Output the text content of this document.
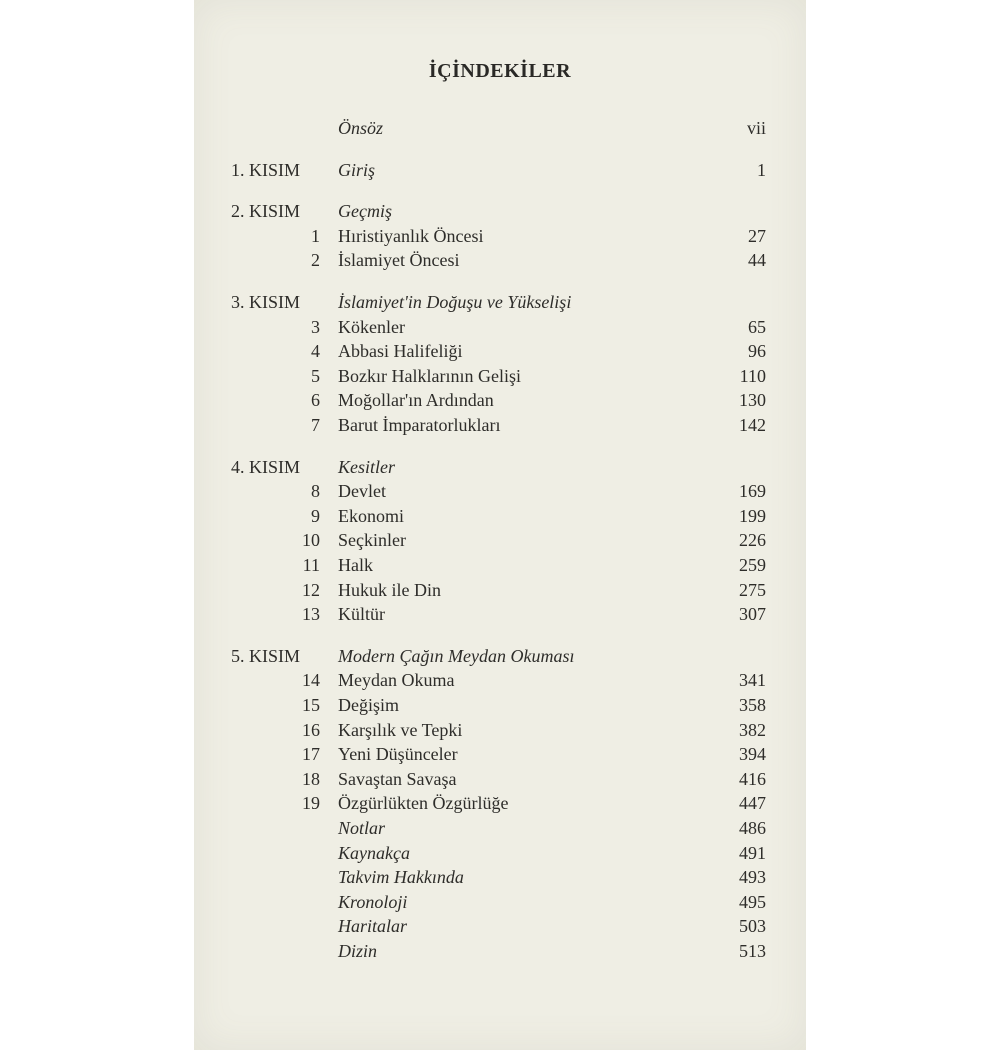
İÇİNDEKİLER
Önsöz	vii
1. KISIM	Giriş	1
2. KISIM	Geçmiş
1 Hıristiyanlık Öncesi	27
2 İslamiyet Öncesi	44
3. KISIM	İslamiyet'in Doğuşu ve Yükselişi
3 Kökenler	65
4 Abbasi Halifeliği	96
5 Bozkır Halklarının Gelişi	110
6 Moğollar'ın Ardından	130
7 Barut İmparatorlukları	142
4. KISIM	Kesitler
8 Devlet	169
9 Ekonomi	199
10 Seçkinler	226
11 Halk	259
12 Hukuk ile Din	275
13 Kültür	307
5. KISIM	Modern Çağın Meydan Okuması
14 Meydan Okuma	341
15 Değişim	358
16 Karşılık ve Tepki	382
17 Yeni Düşünceler	394
18 Savaştan Savaşa	416
19 Özgürlükten Özgürlüğe	447
Notlar	486
Kaynakça	491
Takvim Hakkında	493
Kronoloji	495
Haritalar	503
Dizin	513
